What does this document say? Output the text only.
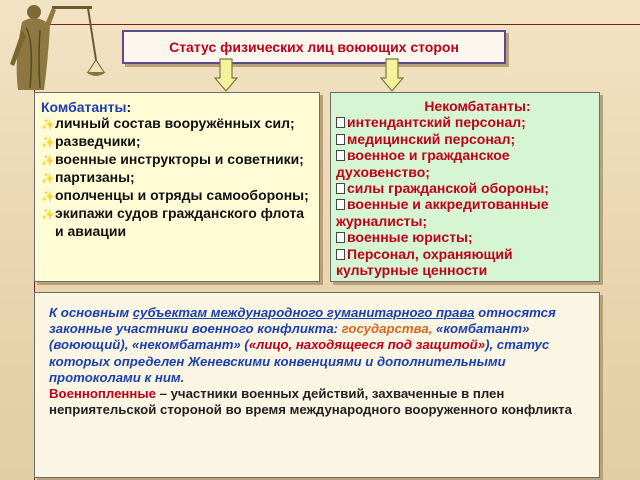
Статус физических лиц воюющих сторон
Комбатанты:

✨личный состав вооружённых сил;

✨разведчики;

✨военные инструкторы и советники;

✨партизаны;

✨ополченцы и отряды самообороны;

✨экипажи судов гражданского флота и авиации

Некомбатанты:

интендантский персонал;

медицинский персонал;

военное и гражданское духовенство;

силы гражданской обороны;

военные и аккредитованные журналисты;

военные юристы;

Персонал, охраняющий культурные ценности

К основным субъектам международного гуманитарного права относятся законные участники военного конфликта: государства, «комбатант» (воюющий), «некомбатант» («лицо, находящееся под защитой»), статус которых определен Женевскими конвенциями и дополнительными протоколами к ним.
Военнопленные – участники военных действий, захваченные в плен неприятельской стороной во время международного вооруженного конфликта
